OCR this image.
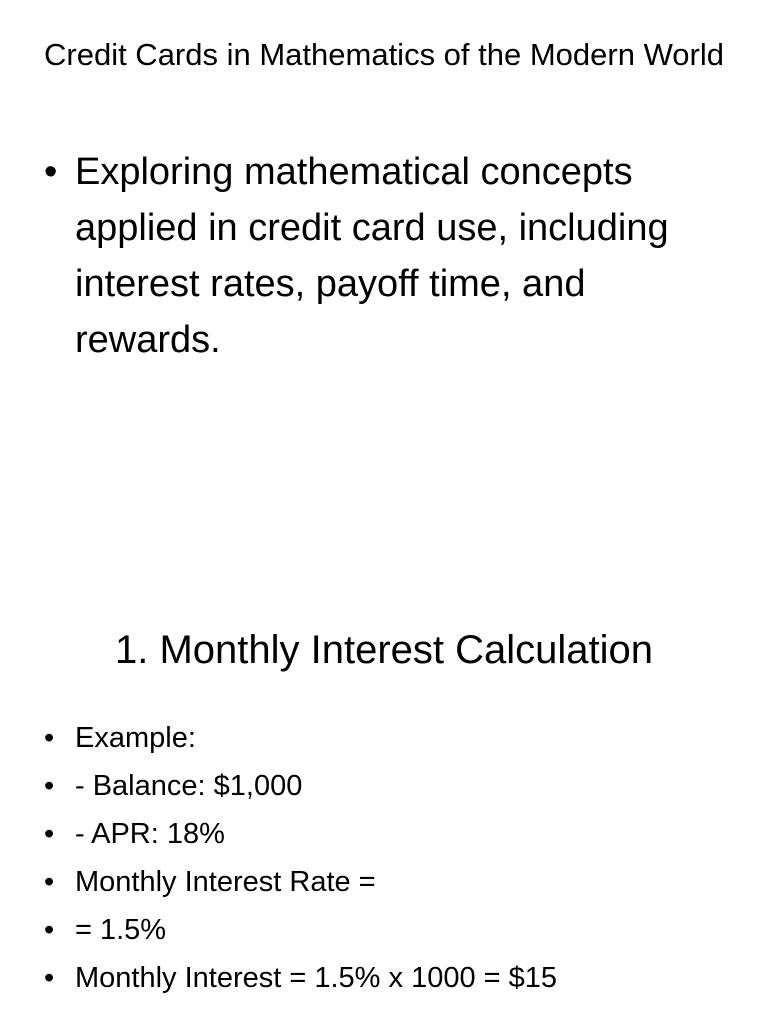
Credit Cards in Mathematics of the Modern World
• Exploring mathematical concepts applied in credit card use, including interest rates, payoff time, and rewards.
1. Monthly Interest Calculation
• Example:
• - Balance: $1,000
• - APR: 18%
• Monthly Interest Rate =
• = 1.5%
• Monthly Interest = 1.5% x 1000 = $15
